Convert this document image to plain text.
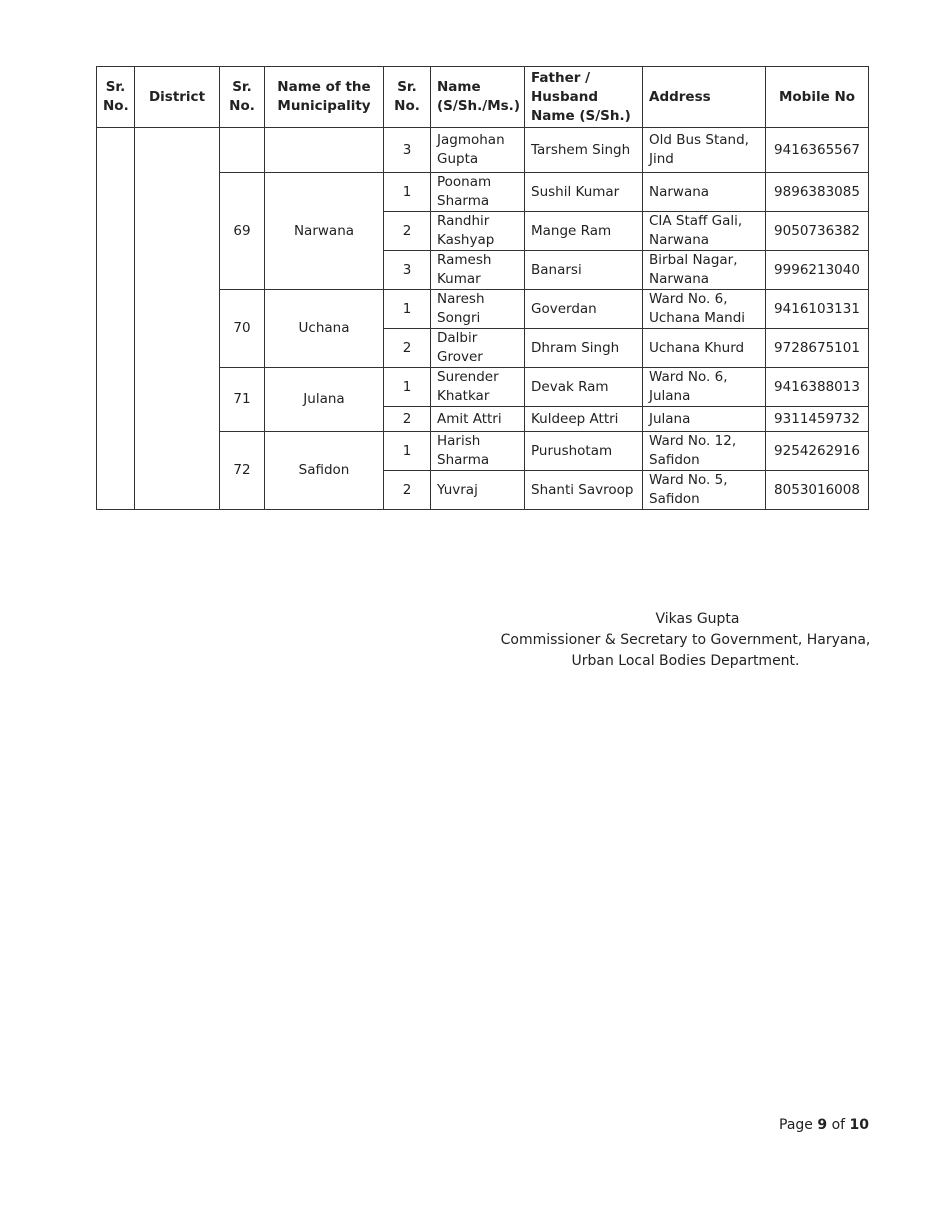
Sr. No.	District	Sr. No.	Name of the Municipality	Sr. No.	Name (S/Sh./Ms.)	Father / Husband Name (S/Sh.)	Address	Mobile No
				3	Jagmohan Gupta	Tarshem Singh	Old Bus Stand, Jind	9416365567
		69	Narwana	1	Poonam Sharma	Sushil Kumar	Narwana	9896383085
				2	Randhir Kashyap	Mange Ram	CIA Staff Gali, Narwana	9050736382
				3	Ramesh Kumar	Banarsi	Birbal Nagar, Narwana	9996213040
		70	Uchana	1	Naresh Songri	Goverdan	Ward No. 6, Uchana Mandi	9416103131
				2	Dalbir Grover	Dhram Singh	Uchana Khurd	9728675101
		71	Julana	1	Surender Khatkar	Devak Ram	Ward No. 6, Julana	9416388013
				2	Amit Attri	Kuldeep Attri	Julana	9311459732
		72	Safidon	1	Harish Sharma	Purushotam	Ward No. 12, Safidon	9254262916
				2	Yuvraj	Shanti Savroop	Ward No. 5, Safidon	8053016008
Vikas Gupta
Commissioner & Secretary to Government, Haryana,
Urban Local Bodies Department.
Page 9 of 10
